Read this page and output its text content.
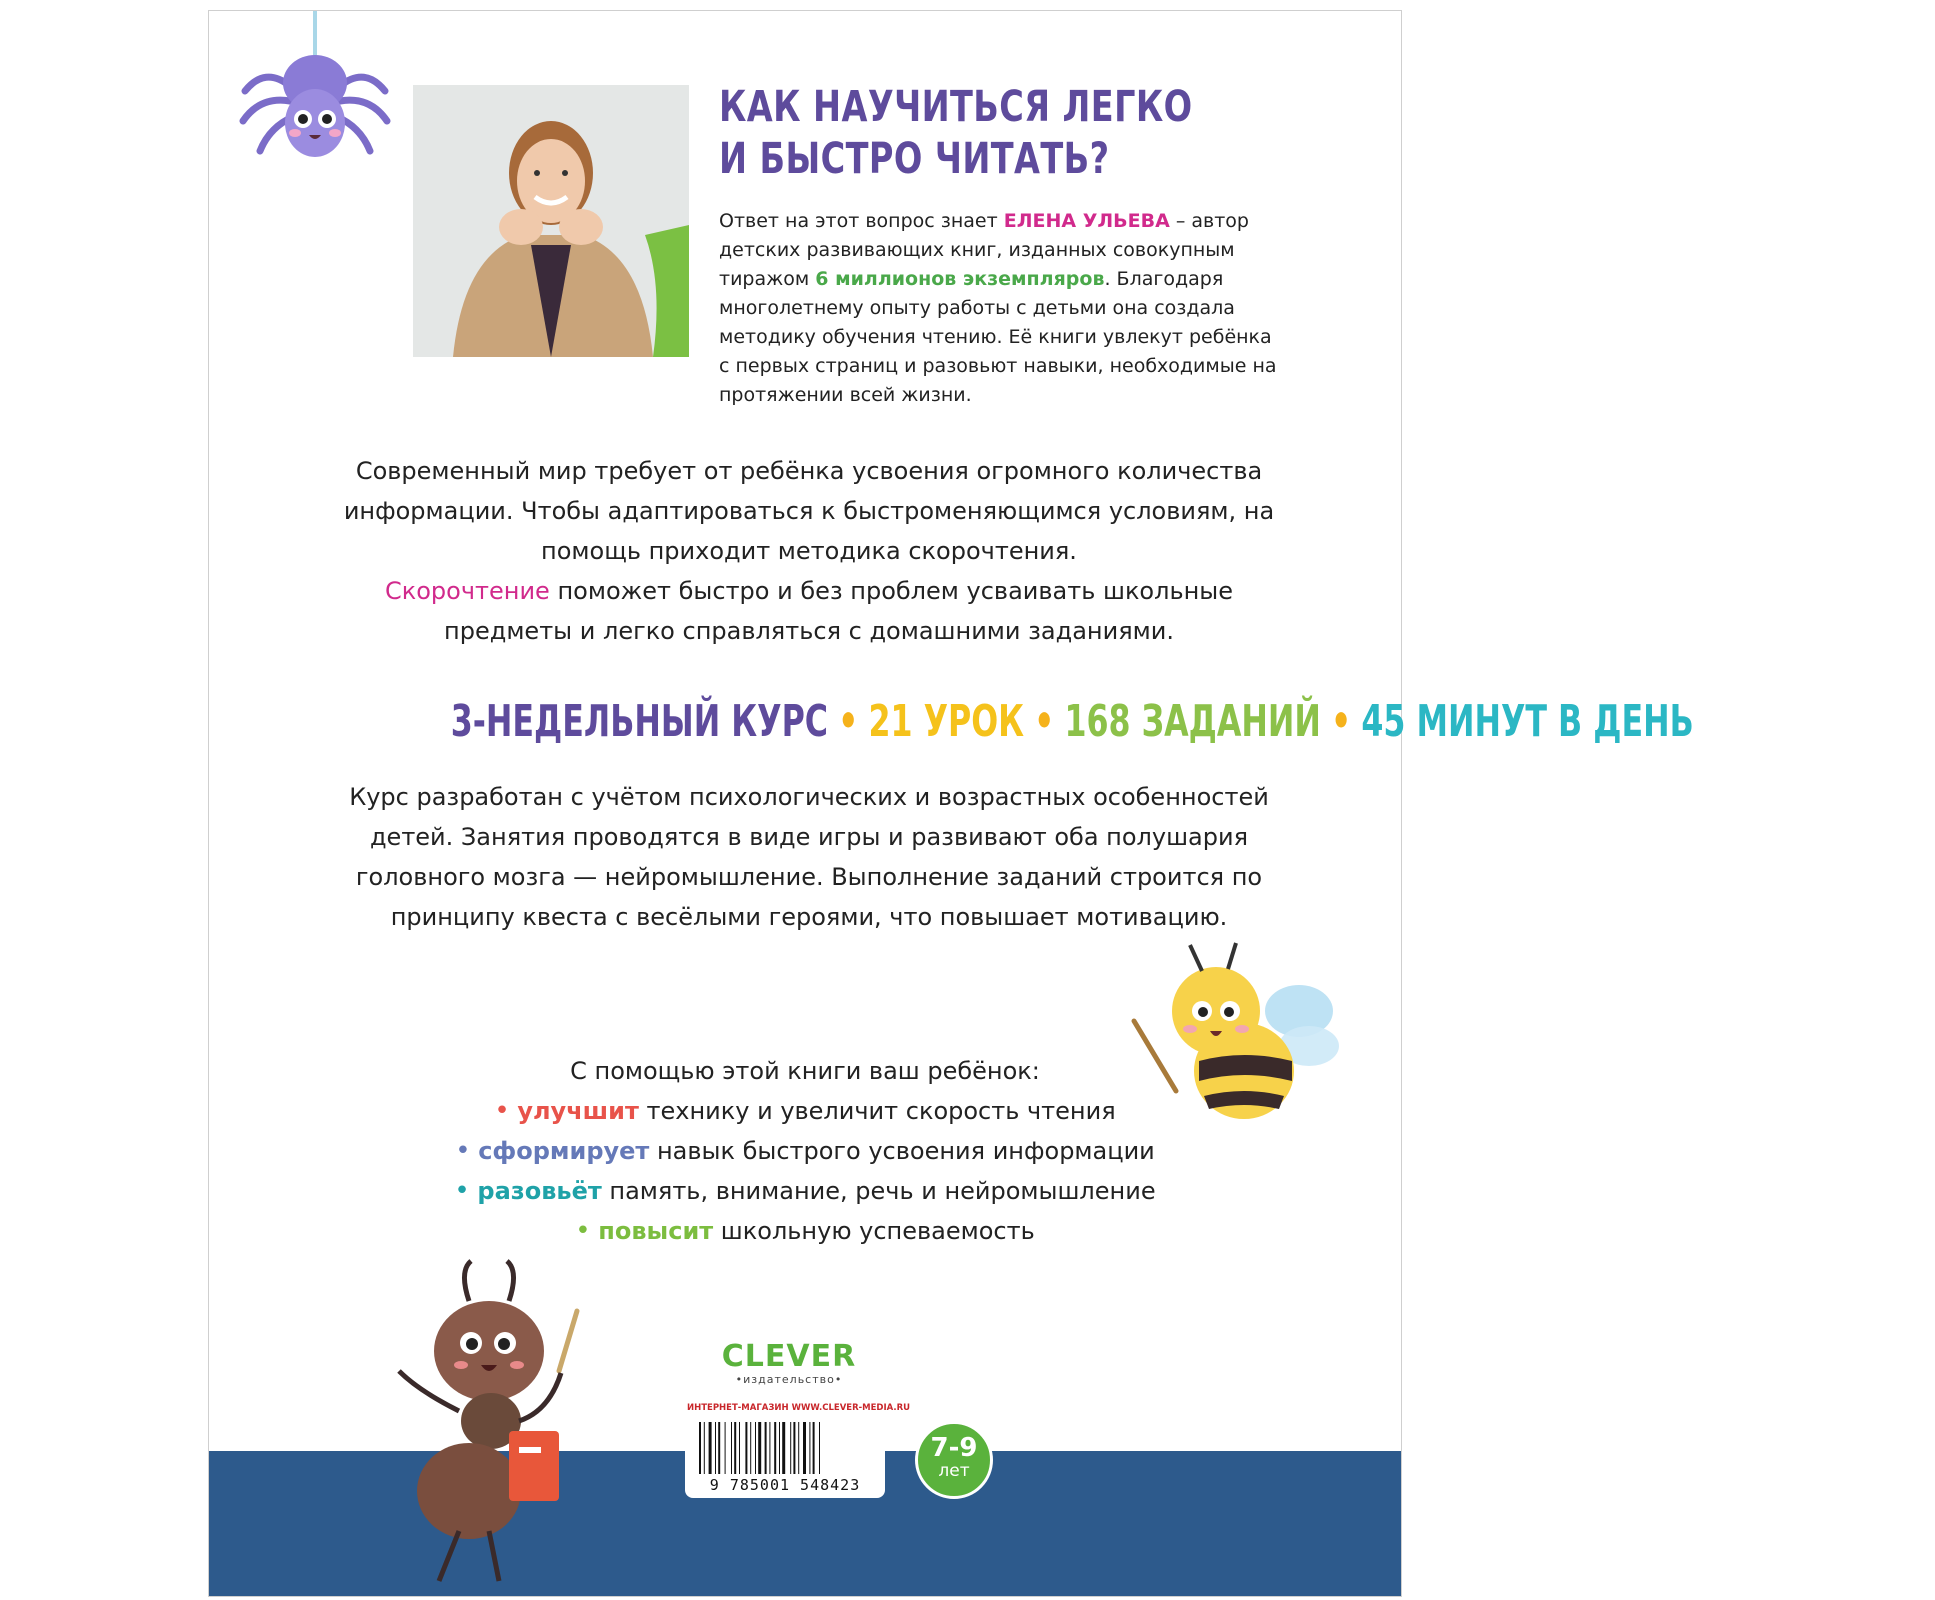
КАК НАУЧИТЬСЯ ЛЕГКО
И БЫСТРО ЧИТАТЬ?

Ответ на этот вопрос знает ЕЛЕНА УЛЬЕВА – автор детских развивающих книг, изданных совокупным тиражом 6 миллионов экземпляров. Благодаря многолетнему опыту работы с детьми она создала методику обучения чтению. Её книги увлекут ребёнка с первых страниц и разовьют навыки, необходимые на протяжении всей жизни.

Современный мир требует от ребёнка усвоения огромного количества информации. Чтобы адаптироваться к быстроменяющимся условиям, на помощь приходит методика скорочтения.
Скорочтение поможет быстро и без проблем усваивать школьные предметы и легко справляться с домашними заданиями.

3-НЕДЕЛЬНЫЙ КУРС • 21 УРОК • 168 ЗАДАНИЙ • 45 МИНУТ В ДЕНЬ

Курс разработан с учётом психологических и возрастных особенностей детей. Занятия проводятся в виде игры и развивают оба полушария головного мозга — нейромышление. Выполнение заданий строится по принципу квеста с весёлыми героями, что повышает мотивацию.

С помощью этой книги ваш ребёнок:
• улучшит технику и увеличит скорость чтения
• сформирует навык быстрого усвоения информации
• разовьёт память, внимание, речь и нейромышление
• повысит школьную успеваемость
CLEVER
•издательство•
ИНТЕРНЕТ-МАГАЗИН WWW.CLEVER-MEDIA.RU
9 785001 548423
7-9
лет
